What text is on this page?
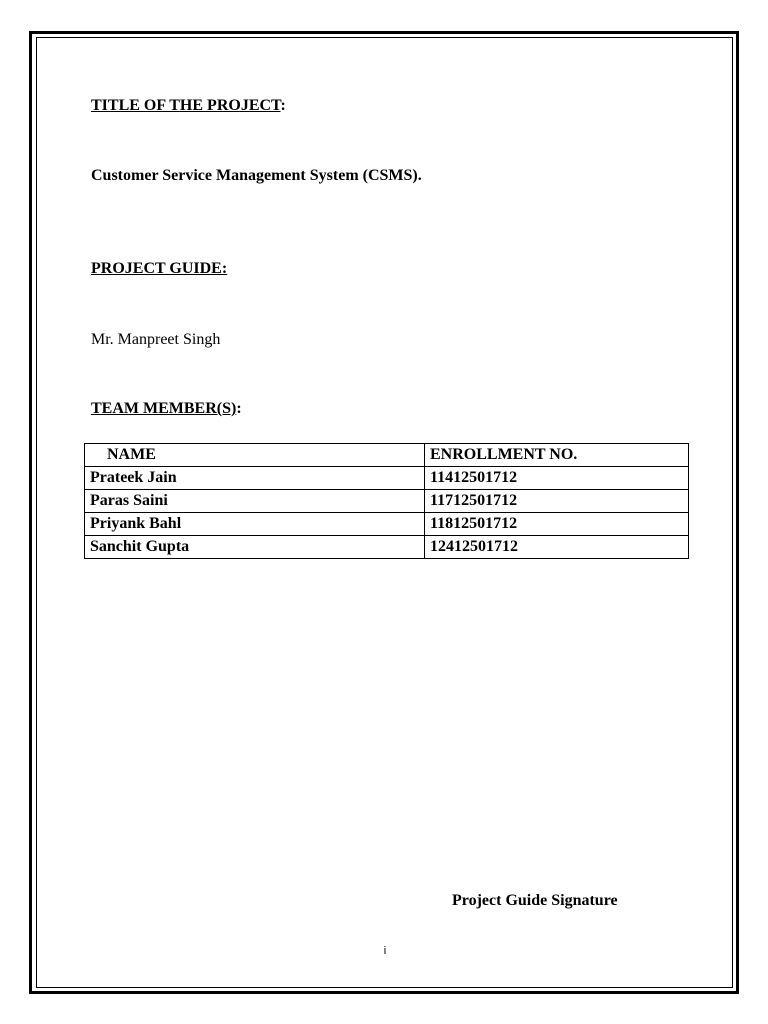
TITLE OF THE PROJECT:
Customer Service Management System (CSMS).
PROJECT GUIDE:
Mr. Manpreet Singh
TEAM MEMBER(S):
NAME	ENROLLMENT NO.
Prateek Jain	11412501712
Paras Saini	11712501712
Priyank Bahl	11812501712
Sanchit Gupta	12412501712
Project Guide Signature
i
